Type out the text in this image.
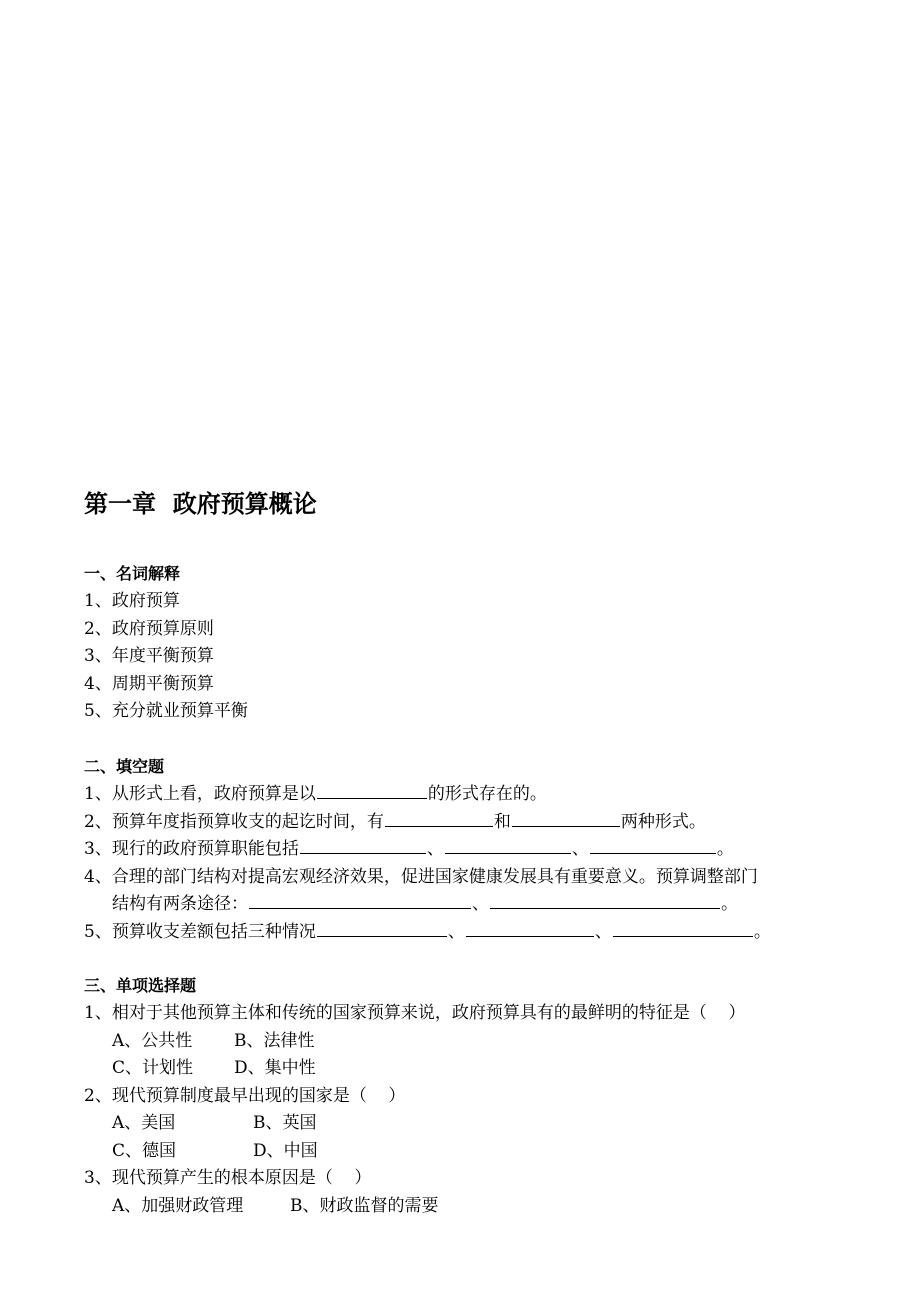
第一章  政府预算概论
一、名词解释
1、政府预算
2、政府预算原则
3、年度平衡预算
4、周期平衡预算
5、充分就业预算平衡
二、填空题
1、从形式上看，政府预算是以	的形式存在的。
2、预算年度指预算收支的起讫时间，有	和	两种形式。
3、现行的政府预算职能包括	、	、	。
4、合理的部门结构对提高宏观经济效果，促进国家健康发展具有重要意义。预算调整部门
结构有两条途径：	、	。
5、预算收支差额包括三种情况	、	、	。
三、单项选择题
1、相对于其他预算主体和传统的国家预算来说，政府预算具有的最鲜明的特征是（    ）
A、公共性 B、法律性
C、计划性 D、集中性
2、现代预算制度最早出现的国家是（    ）
A、美国	B、英国
C、德国	D、中国
3、现代预算产生的根本原因是（    ）
A、加强财政管理	B、财政监督的需要
